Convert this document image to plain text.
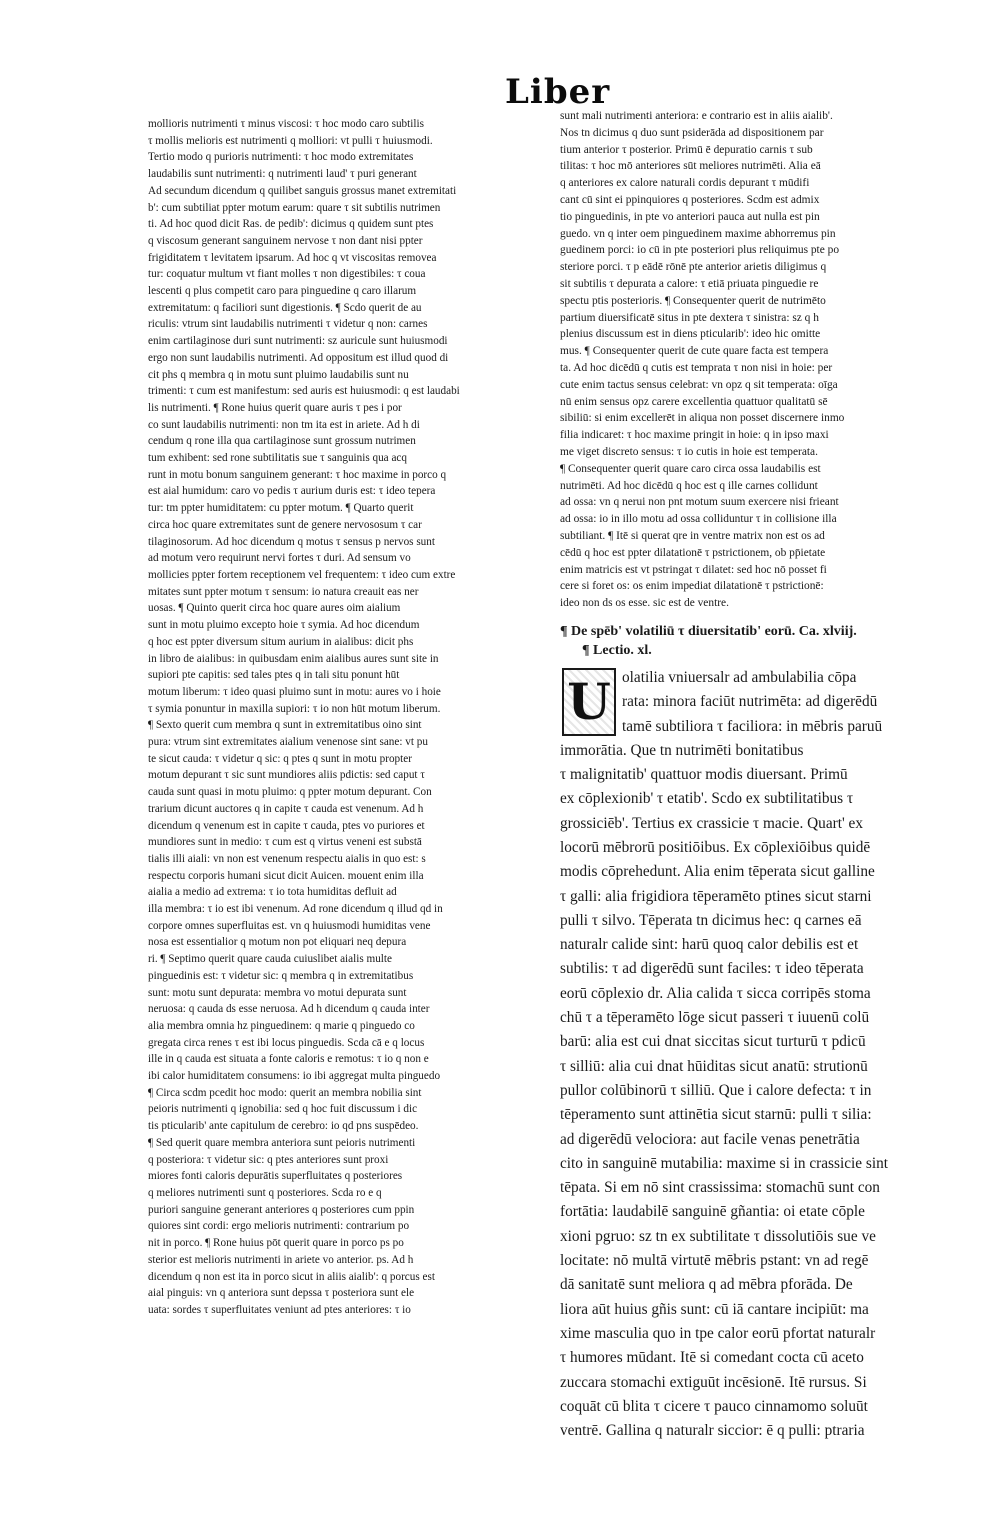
Liber
mollioris nutrimenti τ minus viscosi: τ hoc modo caro subtilis
τ mollis melioris est nutrimenti q molliori: vt pulli τ huiusmodi.
Tertio modo q purioris nutrimenti: τ hoc modo extremitates
laudabilis sunt nutrimenti: q nutrimenti laud' τ puri generant
Ad secundum dicendum q quilibet sanguis grossus manet extremitati
b': cum subtiliat ppter motum earum: quare τ sit subtilis nutrimen
ti. Ad hoc quod dicit Ras. de pedib': dicimus q quidem sunt ptes
q viscosum generant sanguinem nervose τ non dant nisi ppter
frigiditatem τ levitatem ipsarum. Ad hoc q vt viscositas removea
tur: coquatur multum vt fiant molles τ non digestibiles: τ coua
lescenti q plus competit caro para pinguedine q caro illarum
extremitatum: q faciliori sunt digestionis. ¶ Scdo querit de au
riculis: vtrum sint laudabilis nutrimenti τ videtur q non: carnes
enim cartilaginose duri sunt nutrimenti: sz auricule sunt huiusmodi
ergo non sunt laudabilis nutrimenti. Ad oppositum est illud quod di
cit phs q membra q in motu sunt pluimo laudabilis sunt nu
trimenti: τ cum est manifestum: sed auris est huiusmodi: q est laudabi
lis nutrimenti. ¶ Rone huius querit quare auris τ pes i por
co sunt laudabilis nutrimenti: non tm ita est in ariete. Ad h di
cendum q rone illa qua cartilaginose sunt grossum nutrimen
tum exhibent: sed rone subtilitatis sue τ sanguinis qua acq
runt in motu bonum sanguinem generant: τ hoc maxime in porco q
est aial humidum: caro vo pedis τ aurium duris est: τ ideo tepera
tur: tm ppter humiditatem: cu ppter motum. ¶ Quarto querit
circa hoc quare extremitates sunt de genere nervososum τ car
tilaginosorum. Ad hoc dicendum q motus τ sensus p nervos sunt
ad motum vero requirunt nervi fortes τ duri. Ad sensum vo
mollicies ppter fortem receptionem vel frequentem: τ ideo cum extre
mitates sunt ppter motum τ sensum: io natura creauit eas ner
uosas. ¶ Quinto querit circa hoc quare aures oim aialium
sunt in motu pluimo excepto hoie τ symia. Ad hoc dicendum
q hoc est ppter diversum situm aurium in aialibus: dicit phs
in libro de aialibus: in quibusdam enim aialibus aures sunt site in
supiori pte capitis: sed tales ptes q in tali situ ponunt hūt
motum liberum: τ ideo quasi pluimo sunt in motu: aures vo i hoie
τ symia ponuntur in maxilla supiori: τ io non hūt motum liberum.
¶ Sexto querit cum membra q sunt in extremitatibus oino sint
pura: vtrum sint extremitates aialium venenose sint sane: vt pu
te sicut cauda: τ videtur q sic: q ptes q sunt in motu propter
motum depurant τ sic sunt mundiores aliis pdictis: sed caput τ
cauda sunt quasi in motu pluimo: q ppter motum depurant. Con
trarium dicunt auctores q in capite τ cauda est venenum. Ad h
dicendum q venenum est in capite τ cauda, ptes vo puriores et
mundiores sunt in medio: τ cum est q virtus veneni est substā
tialis illi aiali: vn non est venenum respectu aialis in quo est: s
respectu corporis humani sicut dicit Auicen. mouent enim illa
aialia a medio ad extrema: τ io tota humiditas defluit ad
illa membra: τ io est ibi venenum. Ad rone dicendum q illud qd in
corpore omnes superfluitas est. vn q huiusmodi humiditas vene
nosa est essentialior q motum non pot eliquari neq depura
ri. ¶ Septimo querit quare cauda cuiuslibet aialis multe
pinguedinis est: τ videtur sic: q membra q in extremitatibus
sunt: motu sunt depurata: membra vo motui depurata sunt
neruosa: q cauda ds esse neruosa. Ad h dicendum q cauda inter
alia membra omnia hz pinguedinem: q marie q pinguedo co
gregata circa renes τ est ibi locus pinguedis. Scda cā e q locus
ille in q cauda est situata a fonte caloris e remotus: τ io q non e
ibi calor humiditatem consumens: io ibi aggregat multa pinguedo
¶ Circa scdm pcedit hoc modo: querit an membra nobilia sint
peioris nutrimenti q ignobilia: sed q hoc fuit discussum i dic
tis pticularib' ante capitulum de cerebro: io qd pns suspēdeo.
¶ Sed querit quare membra anteriora sunt peioris nutrimenti
q posteriora: τ videtur sic: q ptes anteriores sunt proxi
miores fonti caloris depurātis superfluitates q posteriores
q meliores nutrimenti sunt q posteriores. Scda ro e q
puriori sanguine generant anteriores q posteriores cum ppin
quiores sint cordi: ergo melioris nutrimenti: contrarium po
nit in porco. ¶ Rone huius pōt querit quare in porco ps po
sterior est melioris nutrimenti in ariete vo anterior. ps. Ad h
dicendum q non est ita in porco sicut in aliis aialib': q porcus est
aial pinguis: vn q anteriora sunt depssa τ posteriora sunt ele
uata: sordes τ superfluitates veniunt ad ptes anteriores: τ io
sunt mali nutrimenti anteriora: e contrario est in aliis aialib'.
Nos tn dicimus q duo sunt psiderāda ad dispositionem par
tium anterior τ posterior. Primū ē depuratio carnis τ sub
tilitas: τ hoc mō anteriores sūt meliores nutrimēti. Alia eā
q anteriores ex calore naturali cordis depurant τ mūdifi
cant cū sint ei ppinquiores q posteriores. Scdm est admix
tio pinguedinis, in pte vo anteriori pauca aut nulla est pin
guedo. vn q inter oem pinguedinem maxime abhorremus pin
guedinem porci: io cū in pte posteriori plus reliquimus pte po
steriore porci. τ p eādē rōnē pte anterior arietis diligimus q
sit subtilis τ depurata a calore: τ etiā priuata pinguedie re
spectu ptis posterioris. ¶ Consequenter querit de nutrimēto
partium diuersificatē situs in pte dextera τ sinistra: sz q h
plenius discussum est in diens pticularib': ideo hic omitte
mus. ¶ Consequenter querit de cute quare facta est tempera
ta. Ad hoc dicēdū q cutis est temprata τ non nisi in hoie: per
cute enim tactus sensus celebrat: vn opz q sit temperata: oīga
nū enim sensus opz carere excellentia quattuor qualitatū sē
sibiliū: si enim excellerēt in aliqua non posset discernere inmo
filia indicaret: τ hoc maxime pringit in hoie: q in ipso maxi
me viget discreto sensus: τ io cutis in hoie est temperata.
¶ Consequenter querit quare caro circa ossa laudabilis est
nutrimēti. Ad hoc dicēdū q hoc est q ille carnes collidunt
ad ossa: vn q nerui non pnt motum suum exercere nisi frieant
ad ossa: io in illo motu ad ossa colliduntur τ in collisione illa
subtiliant. ¶ Itē si querat qre in ventre matrix non est os ad
cēdū q hoc est ppter dilatationē τ pstrictionem, ob pp̄ietate
enim matricis est vt pstringat τ dilatet: sed hoc nō posset fi
cere si foret os: os enim impediat dilatationē τ pstrictionē:
ideo non ds os esse. sic est de ventre.
¶ De spēb' volatiliū τ diuersitatib' eorū. Ca. xlviij.
¶ Lectio. xl.
U olatilia vniuersalr ad ambulabilia cōpa
rata: minora faciūt nutrimēta: ad digerēdū
tamē subtiliora τ faciliora: in mēbris paruū
immorātia. Que tn nutrimēti bonitatibus
τ malignitatib' quattuor modis diuersant. Primū
ex cōplexionib' τ etatib'. Scdo ex subtilitatibus τ
grossiciēb'. Tertius ex crassicie τ macie. Quart' ex
locorū mēbrorū positiōibus. Ex cōplexiōibus quidē
modis cōprehedunt. Alia enim tēperata sicut galline
τ galli: alia frigidiora tēperamēto ptines sicut starni
pulli τ silvo. Tēperata tn dicimus hec: q carnes eā
naturalr calide sint: harū quoq calor debilis est et
subtilis: τ ad digerēdū sunt faciles: τ ideo tēperata
eorū cōplexio dr. Alia calida τ sicca corripēs stoma
chū τ a tēperamēto lōge sicut passeri τ iuuenū colū
barū: alia est cui dnat siccitas sicut turturū τ pdicū
τ silliū: alia cui dnat hūiditas sicut anatū: strutionū
pullor colūbinorū τ silliū. Que i calore defecta: τ in
tēperamento sunt attinētia sicut starnū: pulli τ silia:
ad digerēdū velociora: aut facile venas penetrātia
cito in sanguinē mutabilia: maxime si in crassicie sint
tēpata. Si em nō sint crassissima: stomachū sunt con
fortātia: laudabilē sanguinē gñantia: oi etate cōple
xioni pgruo: sz tn ex subtilitate τ dissolutiōis sue ve
locitate: nō multā virtutē mēbris pstant: vn ad regē
dā sanitatē sunt meliora q ad mēbra pforāda. De
liora aūt huius gñis sunt: cū iā cantare incipiūt: ma
xime masculia quo in tpe calor eorū pfortat naturalr
τ humores mūdant. Itē si comedant cocta cū aceto
zuccara stomachi extiguūt incēsionē. Itē rursus. Si
coquāt cū blita τ cicere τ pauco cinnamomo soluūt
ventrē. Gallina q naturalr siccior: ē q pulli: ptraria
